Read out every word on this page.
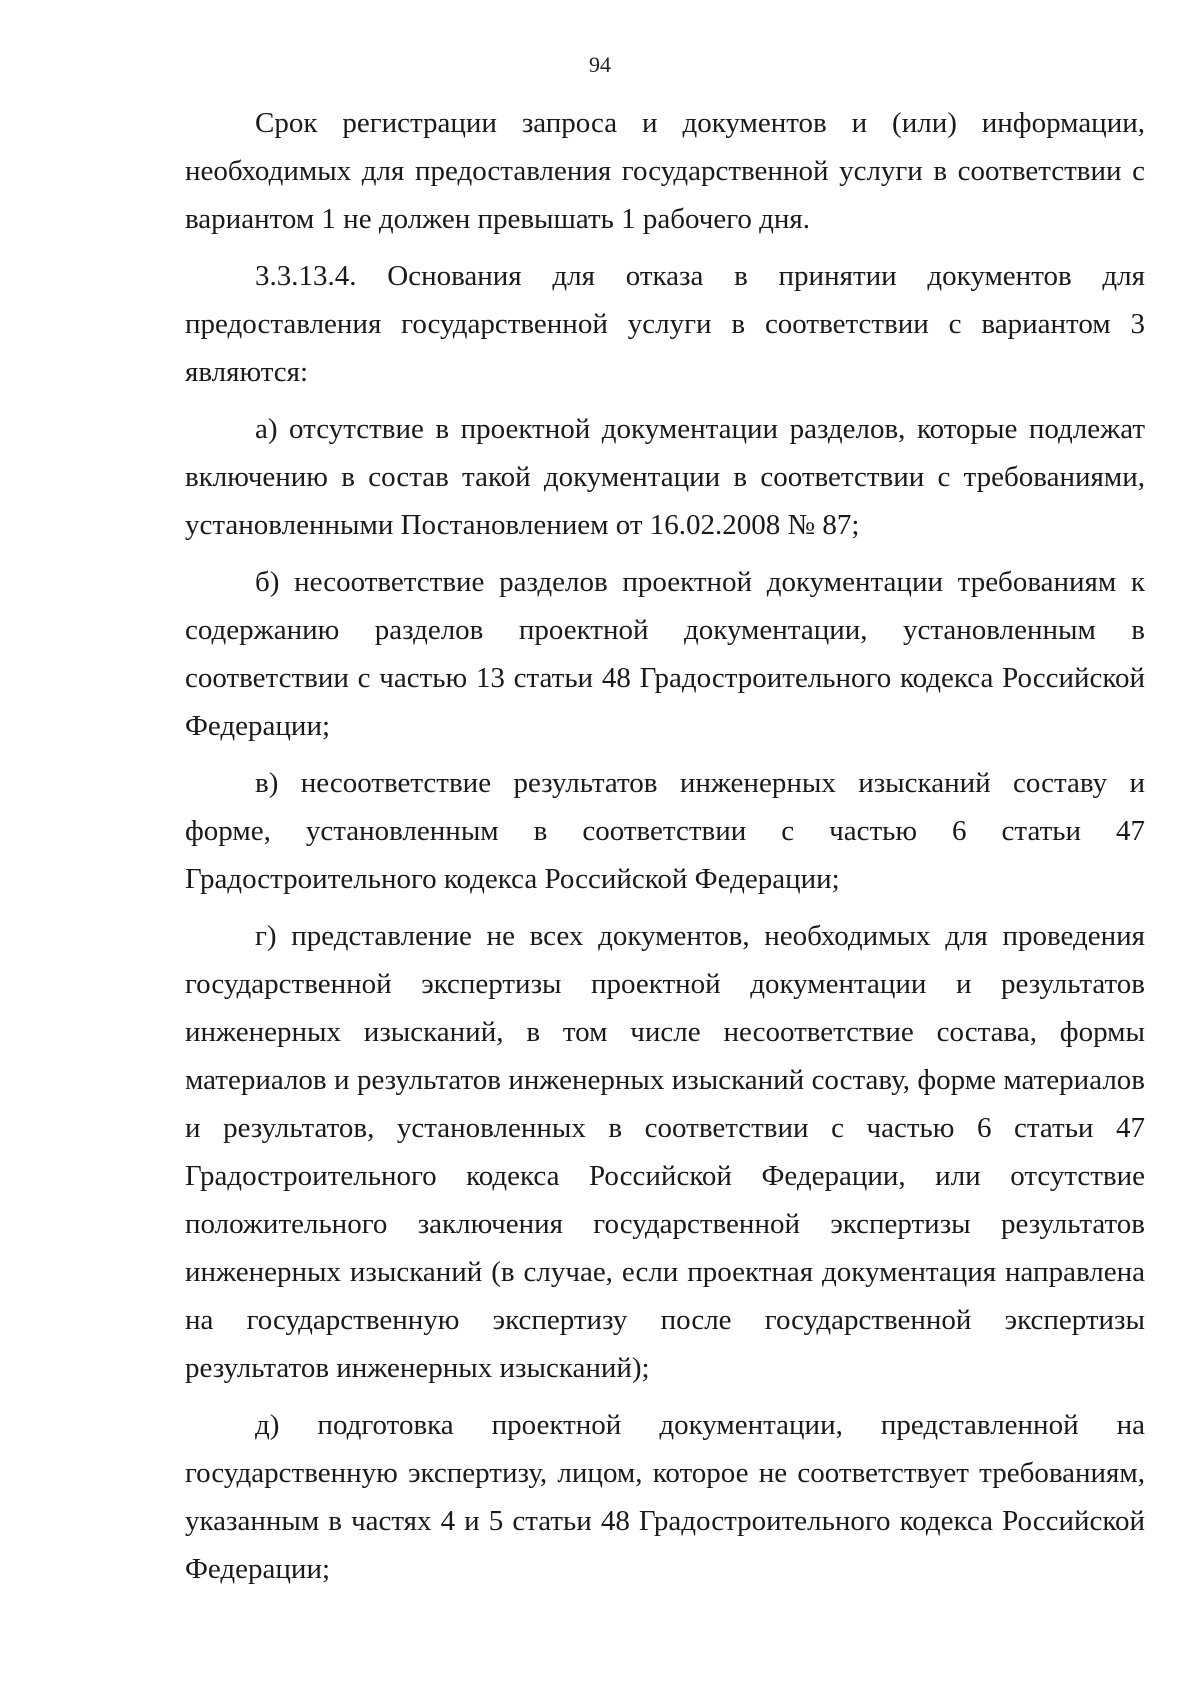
94

Срок регистрации запроса и документов и (или) информации, необходимых для предоставления государственной услуги в соответствии с вариантом 1 не должен превышать 1 рабочего дня.

3.3.13.4. Основания для отказа в принятии документов для предоставления государственной услуги в соответствии с вариантом 3 являются:

а) отсутствие в проектной документации разделов, которые подлежат включению в состав такой документации в соответствии с требованиями, установленными Постановлением от 16.02.2008 № 87;

б) несоответствие разделов проектной документации требованиям к содержанию разделов проектной документации, установленным в соответствии с частью 13 статьи 48 Градостроительного кодекса Российской Федерации;

в) несоответствие результатов инженерных изысканий составу и форме, установленным в соответствии с частью 6 статьи 47 Градостроительного кодекса Российской Федерации;

г) представление не всех документов, необходимых для проведения государственной экспертизы проектной документации и результатов инженерных изысканий, в том числе несоответствие состава, формы материалов и результатов инженерных изысканий составу, форме материалов и результатов, установленных в соответствии с частью 6 статьи 47 Градостроительного кодекса Российской Федерации, или отсутствие положительного заключения государственной экспертизы результатов инженерных изысканий (в случае, если проектная документация направлена на государственную экспертизу после государственной экспертизы результатов инженерных изысканий);

д) подготовка проектной документации, представленной на государственную экспертизу, лицом, которое не соответствует требованиям, указанным в частях 4 и 5 статьи 48 Градостроительного кодекса Российской Федерации;
